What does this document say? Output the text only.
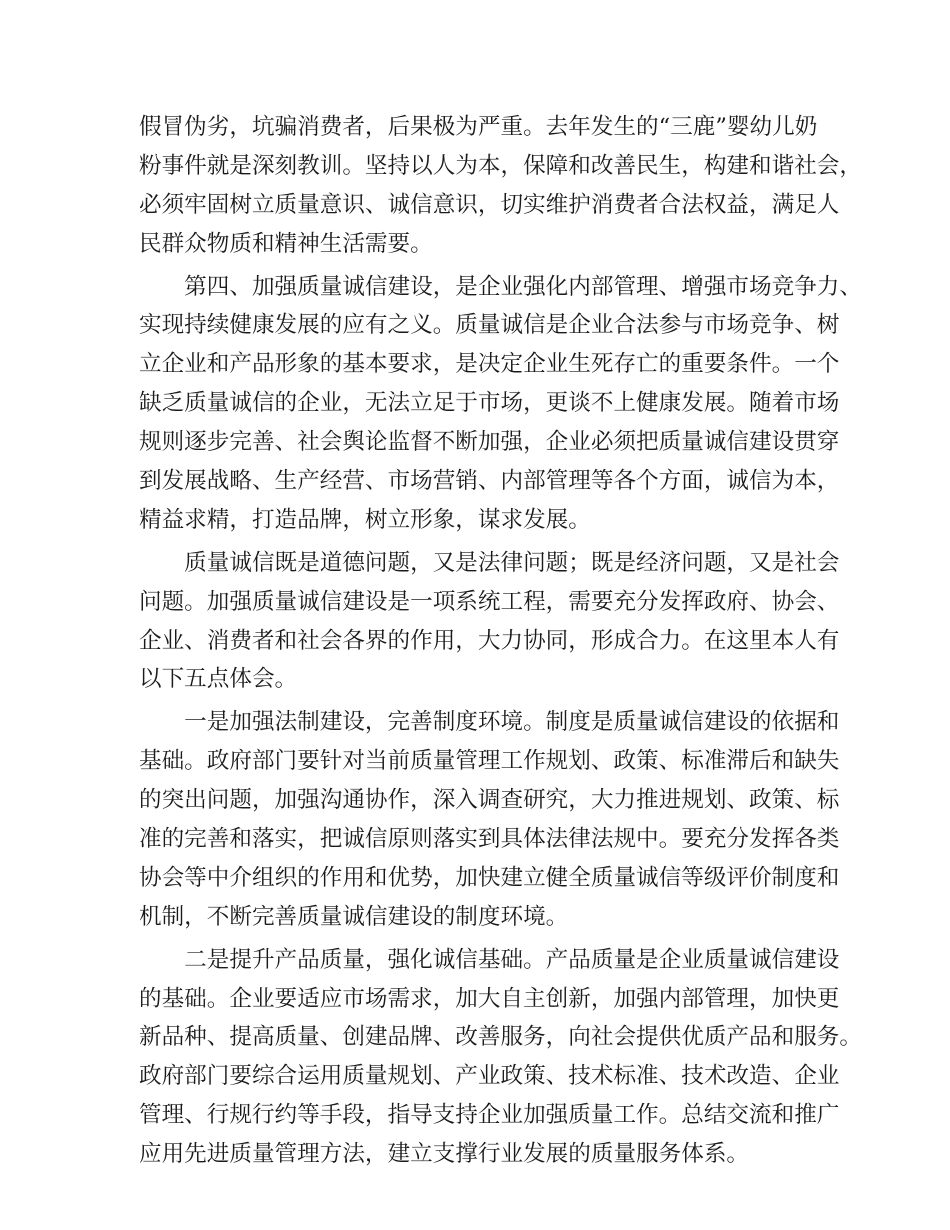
假冒伪劣，坑骗消费者，后果极为严重。去年发生的“三鹿”婴幼儿奶
粉事件就是深刻教训。坚持以人为本，保障和改善民生，构建和谐社会，
必须牢固树立质量意识、诚信意识，切实维护消费者合法权益，满足人
民群众物质和精神生活需要。
　　第四、加强质量诚信建设，是企业强化内部管理、增强市场竞争力、
实现持续健康发展的应有之义。质量诚信是企业合法参与市场竞争、树
立企业和产品形象的基本要求，是决定企业生死存亡的重要条件。一个
缺乏质量诚信的企业，无法立足于市场，更谈不上健康发展。随着市场
规则逐步完善、社会舆论监督不断加强，企业必须把质量诚信建设贯穿
到发展战略、生产经营、市场营销、内部管理等各个方面，诚信为本，
精益求精，打造品牌，树立形象，谋求发展。
　　质量诚信既是道德问题，又是法律问题；既是经济问题，又是社会
问题。加强质量诚信建设是一项系统工程，需要充分发挥政府、协会、
企业、消费者和社会各界的作用，大力协同，形成合力。在这里本人有
以下五点体会。
　　一是加强法制建设，完善制度环境。制度是质量诚信建设的依据和
基础。政府部门要针对当前质量管理工作规划、政策、标准滞后和缺失
的突出问题，加强沟通协作，深入调查研究，大力推进规划、政策、标
准的完善和落实，把诚信原则落实到具体法律法规中。要充分发挥各类
协会等中介组织的作用和优势，加快建立健全质量诚信等级评价制度和
机制，不断完善质量诚信建设的制度环境。
　　二是提升产品质量，强化诚信基础。产品质量是企业质量诚信建设
的基础。企业要适应市场需求，加大自主创新，加强内部管理，加快更
新品种、提高质量、创建品牌、改善服务，向社会提供优质产品和服务。
政府部门要综合运用质量规划、产业政策、技术标准、技术改造、企业
管理、行规行约等手段，指导支持企业加强质量工作。总结交流和推广
应用先进质量管理方法，建立支撑行业发展的质量服务体系。
